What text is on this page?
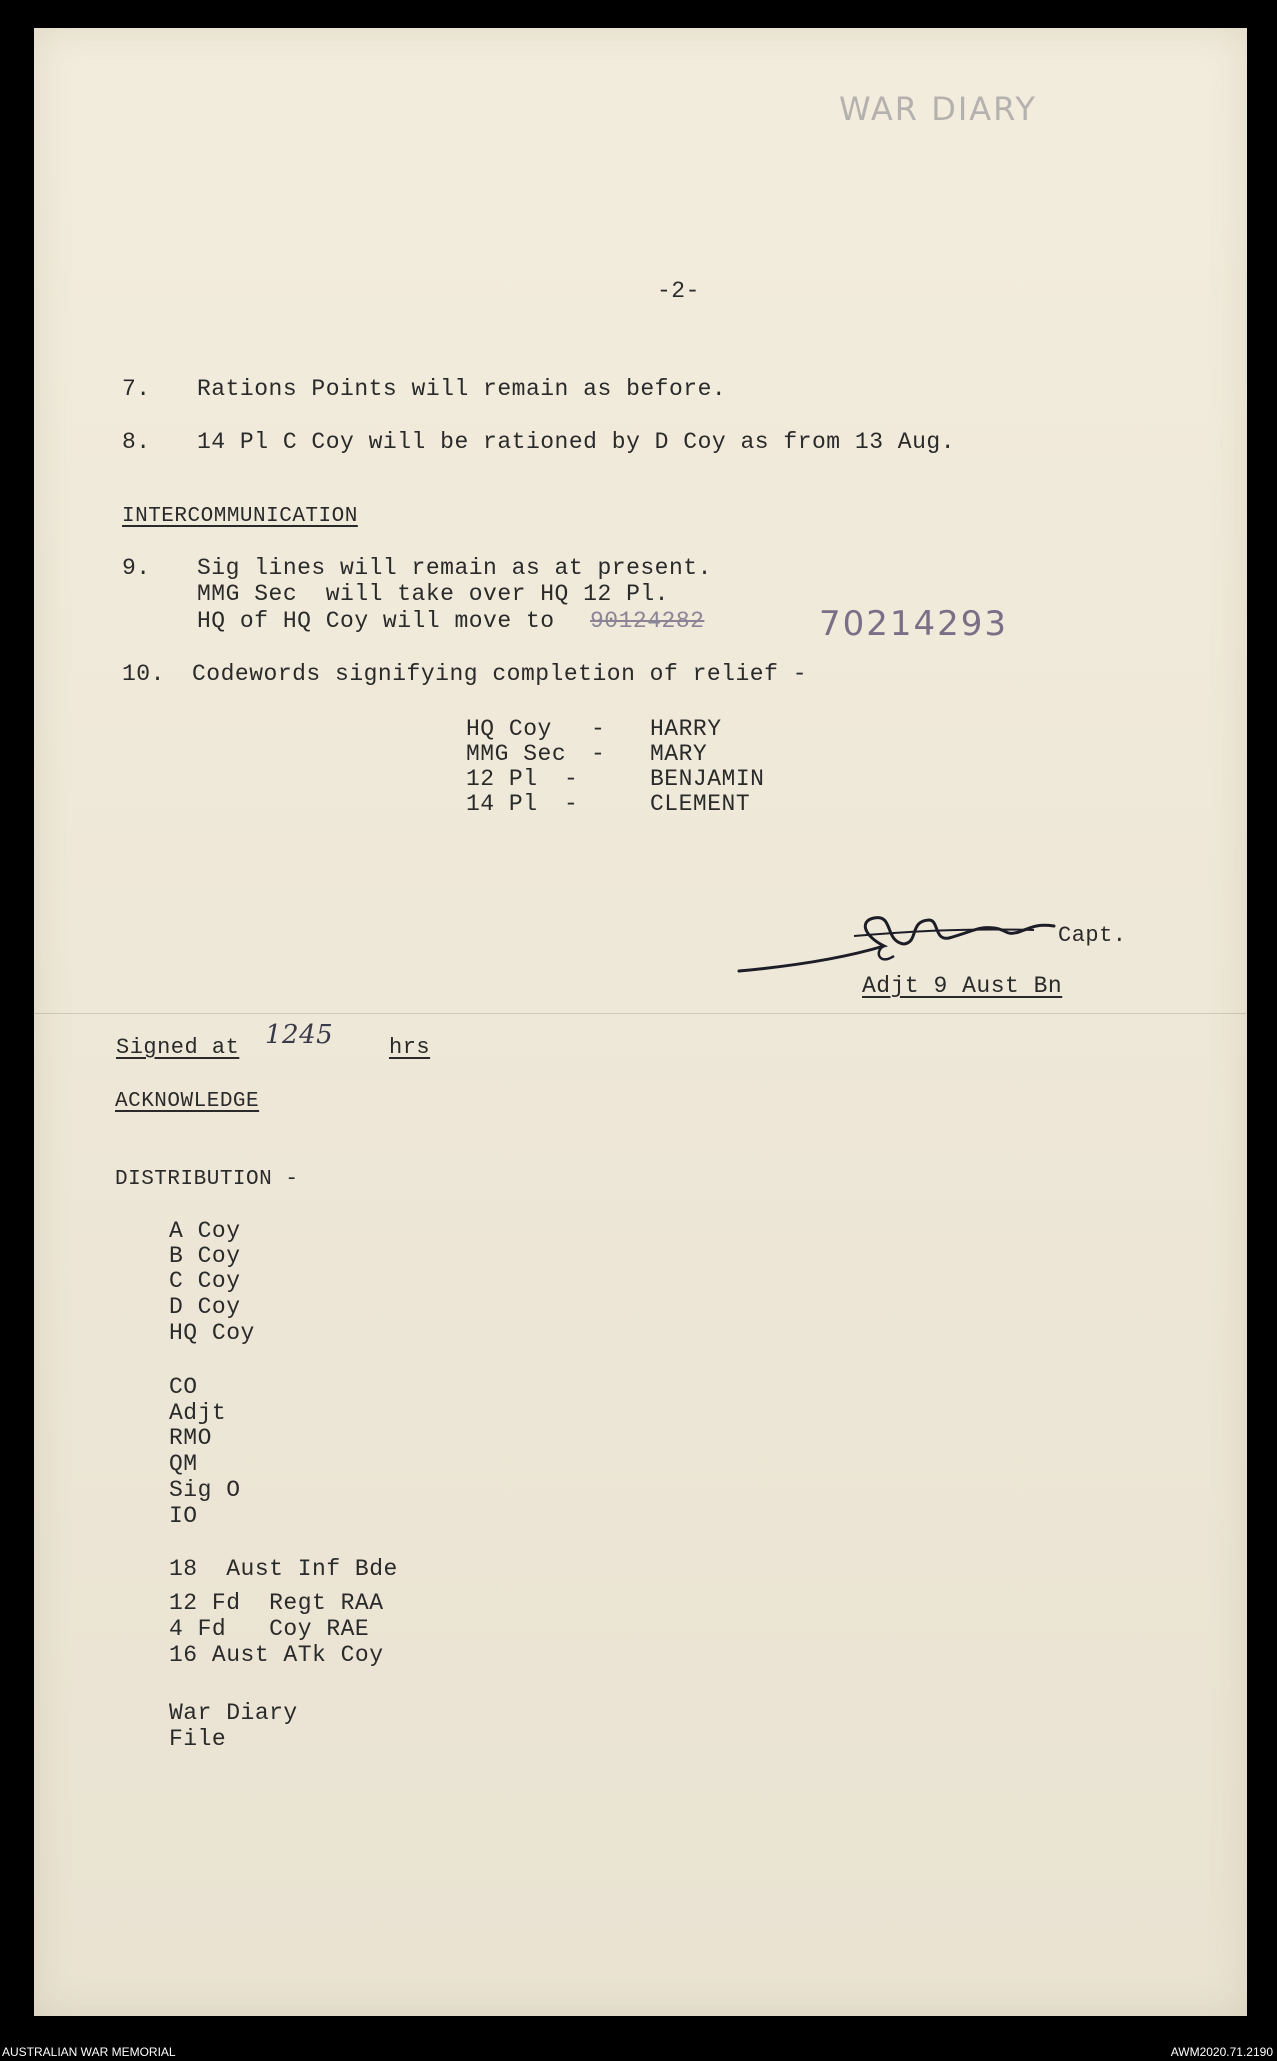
WAR DIARY
-2-
7. Rations Points will remain as before.
8. 14 Pl C Coy will be rationed by D Coy as from 13 Aug.
INTERCOMMUNICATION
9. Sig lines will remain as at present.
MMG Sec  will take over HQ 12 Pl.
HQ of HQ Coy will move to 90124282	70214293
10. Codewords signifying completion of relief -
HQ Coy - HARRY
MMG Sec - MARY
12 Pl -	BENJAMIN
14 Pl -	CLEMENT
Capt.
Adjt 9 Aust Bn
Signed at 1245	hrs
ACKNOWLEDGE
DISTRIBUTION -
A Coy
B Coy
C Coy
D Coy
HQ Coy
CO
Adjt
RMO
QM
Sig O
IO
18  Aust Inf Bde
12 Fd  Regt RAA
4 Fd   Coy RAE
16 Aust ATk Coy
War Diary
File
AUSTRALIAN WAR MEMORIAL	AWM2020.71.2190
